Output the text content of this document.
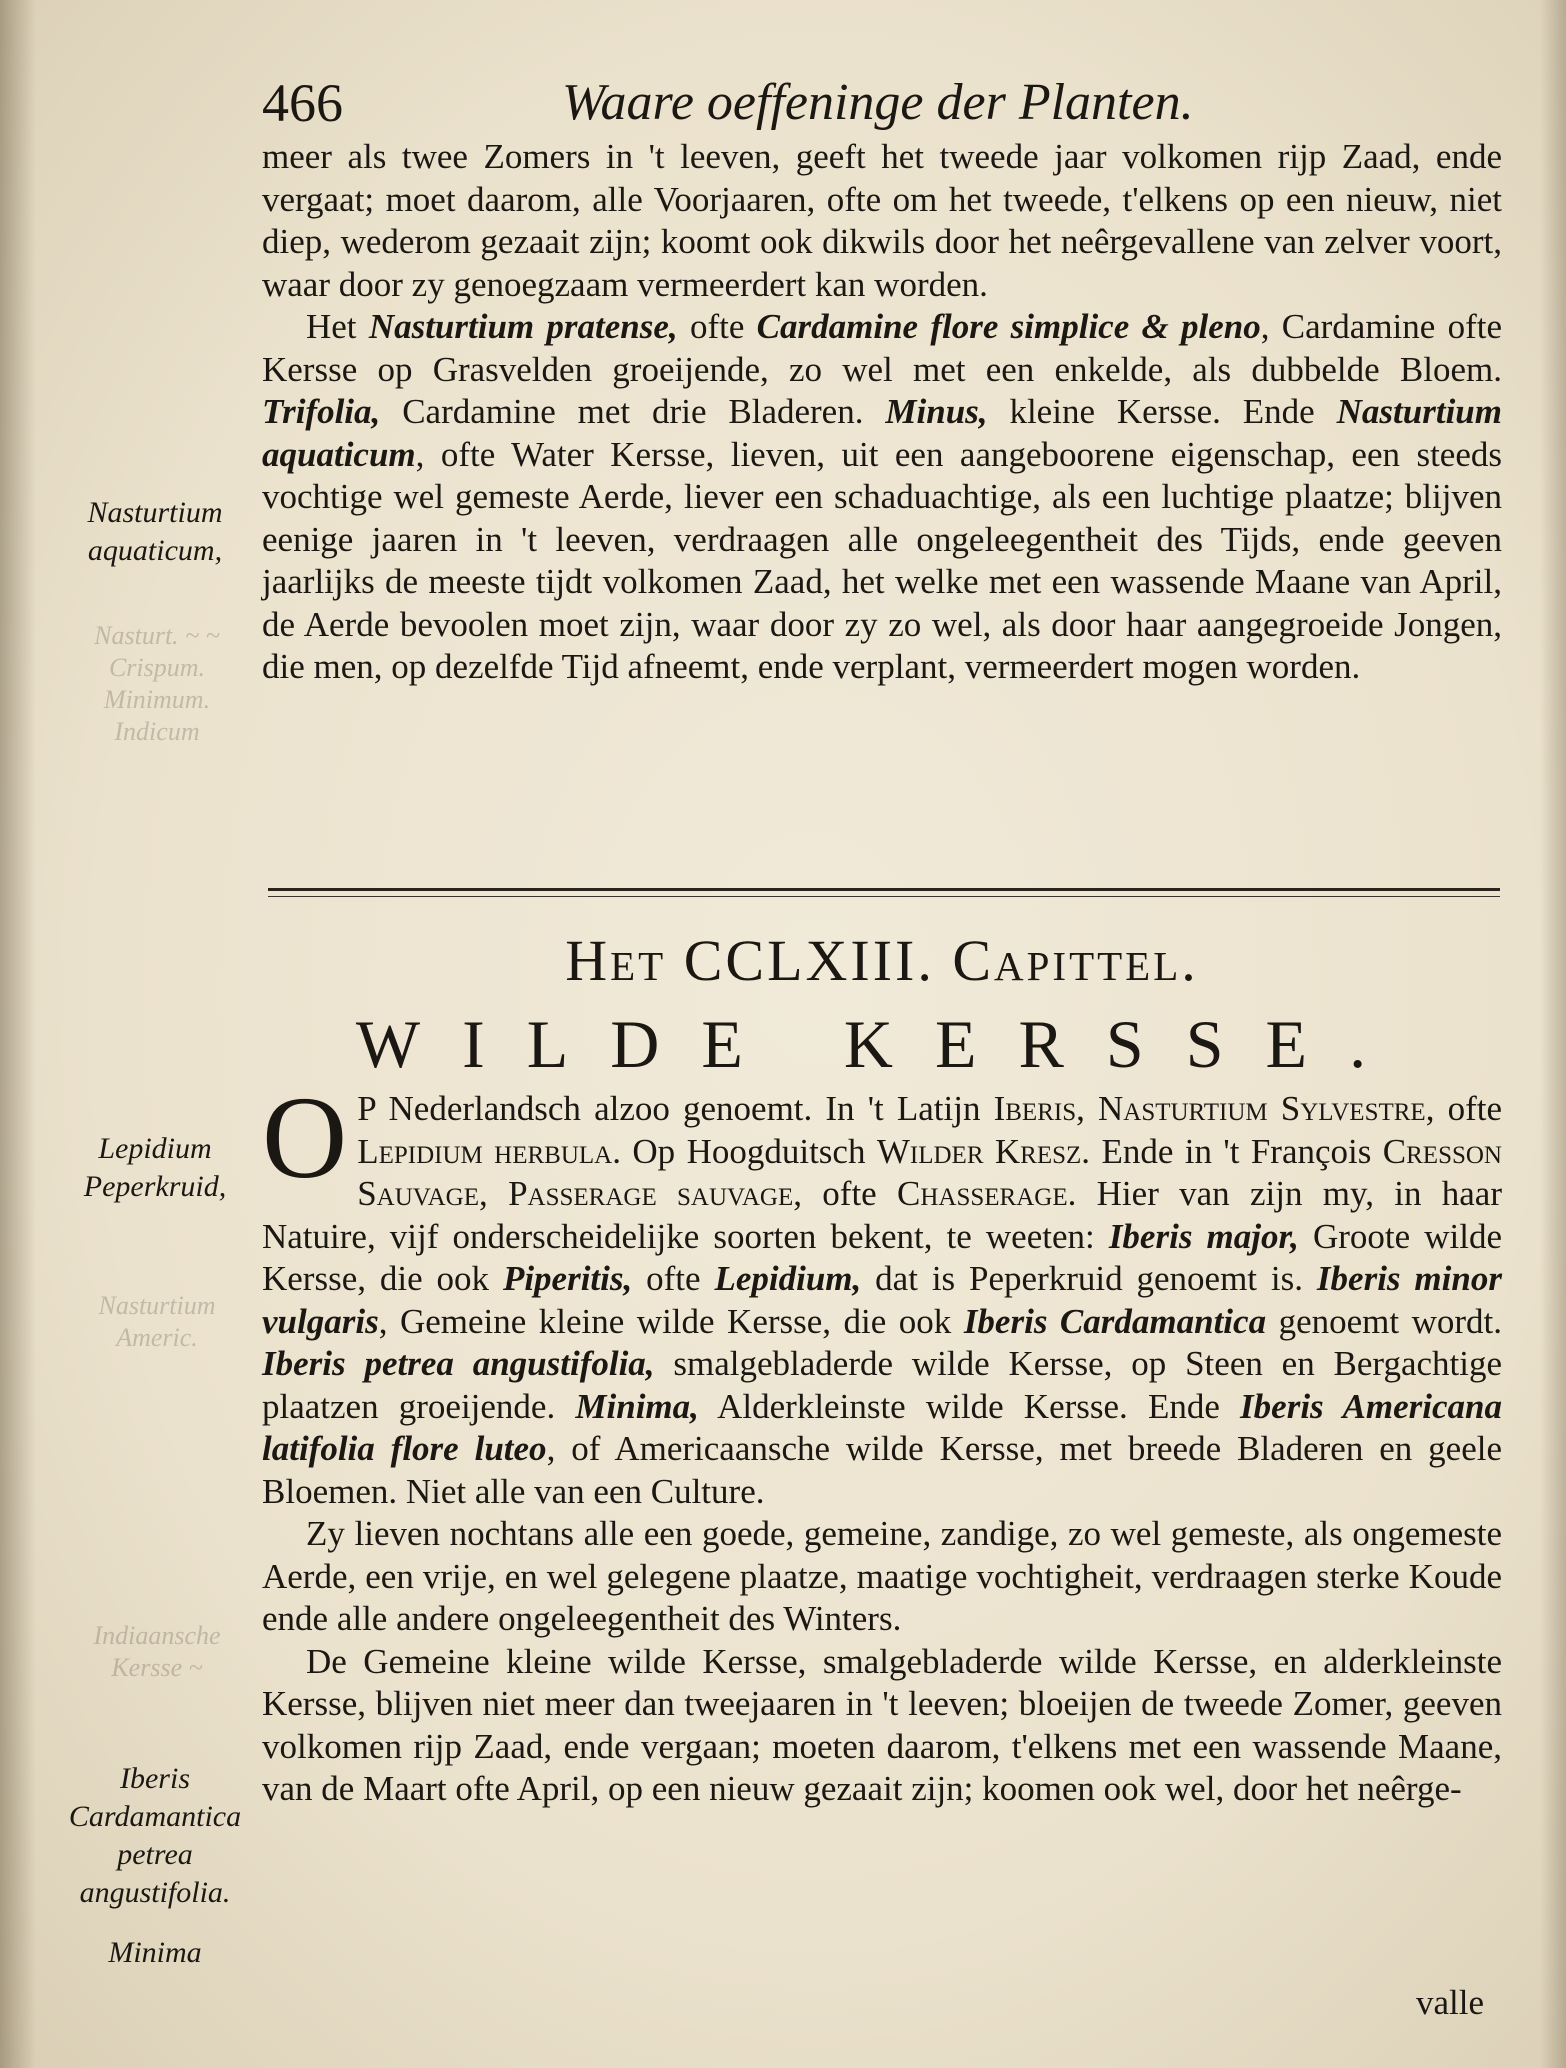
Nasturt. ~ ~ Crispum. Minimum. Indicum
Nasturtium Americ.
Indiaansche Kersse ~
466	Waare oeffeninge der Planten.

meer als twee Zomers in 't leeven, geeft het tweede jaar volkomen rijp Zaad, ende vergaat; moet daarom, alle Voorjaaren, ofte om het tweede, t'elkens op een nieuw, niet diep, wederom gezaait zijn; koomt ook dikwils door het neêrgevallene van zelver voort, waar door zy genoegzaam vermeerdert kan worden.

Het Nasturtium pratense, ofte Cardamine flore simplice & pleno, Cardamine ofte Kersse op Grasvelden groeijende, zo wel met een enkelde, als dubbelde Bloem. Trifolia, Cardamine met drie Bladeren. Minus, kleine Kersse. Ende Nasturtium aquaticum, ofte Water Kersse, lieven, uit een aangeboorene eigenschap, een steeds vochtige wel gemeste Aerde, liever een schaduachtige, als een luchtige plaatze; blijven eenige jaaren in 't leeven, verdraagen alle ongeleegentheit des Tijds, ende geeven jaarlijks de meeste tijdt volkomen Zaad, het welke met een wassende Maane van April, de Aerde bevoolen moet zijn, waar door zy zo wel, als door haar aangegroeide Jongen, die men, op dezelfde Tijd afneemt, ende verplant, vermeerdert mogen worden.

Het CCLXIII. Capittel.
WILDE KERSSE.

O P Nederlandsch alzoo genoemt. In 't Latijn Iberis, Nasturtium Sylvestre, ofte Lepidium herbula. Op Hoogduitsch Wilder Kresz. Ende in 't François Cresson Sauvage, Passerage sauvage, ofte Chasserage. Hier van zijn my, in haar Natuire, vijf onderscheidelijke soorten bekent, te weeten: Iberis major, Groote wilde Kersse, die ook Piperitis, ofte Lepidium, dat is Peperkruid genoemt is. Iberis minor vulgaris, Gemeine kleine wilde Kersse, die ook Iberis Cardamantica genoemt wordt. Iberis petrea angustifolia, smalgebladerde wilde Kersse, op Steen en Bergachtige plaatzen groeijende. Minima, Alderkleinste wilde Kersse. Ende Iberis Americana latifolia flore luteo, of Americaansche wilde Kersse, met breede Bladeren en geele Bloemen. Niet alle van een Culture.

Zy lieven nochtans alle een goede, gemeine, zandige, zo wel gemeste, als ongemeste Aerde, een vrije, en wel gelegene plaatze, maatige vochtigheit, verdraagen sterke Koude ende alle andere ongeleegentheit des Winters.

De Gemeine kleine wilde Kersse, smalgebladerde wilde Kersse, en alderkleinste Kersse, blijven niet meer dan tweejaaren in 't leeven; bloeijen de tweede Zomer, geeven volkomen rijp Zaad, ende vergaan; moeten daarom, t'elkens met een wassende Maane, van de Maart ofte April, op een nieuw gezaait zijn; koomen ook wel, door het neêrge-

valle
Nasturtium aquaticum,
Lepidium Peperkruid,
Iberis Cardamantica petrea angustifolia.
Minima
